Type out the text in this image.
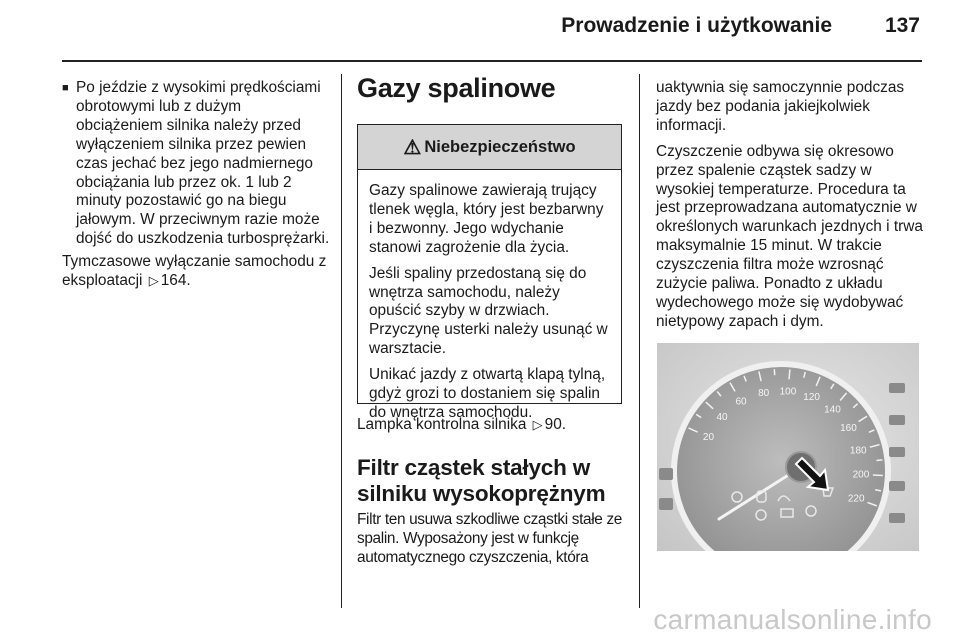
Prowadzenie i użytkowanie	137
■ Po jeździe z wysokimi prędkościami obrotowymi lub z dużym obciążeniem silnika należy przed wyłączeniem silnika przez pewien czas jechać bez jego nadmiernego obciążania lub przez ok. 1 lub 2 minuty pozostawić go na biegu jałowym. W przeciwnym razie może dojść do uszkodzenia turbosprężarki.

Tymczasowe wyłączanie samochodu z eksploatacji ▷ 164.

Gazy spalinowe
⚠ Niebezpieczeństwo

Gazy spalinowe zawierają trujący tlenek węgla, który jest bezbarwny i bezwonny. Jego wdychanie stanowi zagrożenie dla życia.

Jeśli spaliny przedostaną się do wnętrza samochodu, należy opuścić szyby w drzwiach. Przyczynę usterki należy usunąć w warsztacie.

Unikać jazdy z otwartą klapą tylną, gdyż grozi to dostaniem się spalin do wnętrza samochodu.

Lampka kontrolna silnika ▷ 90.
Filtr cząstek stałych w silniku wysokoprężnym
Filtr ten usuwa szkodliwe cząstki stałe ze spalin. Wyposażony jest w funkcję automatycznego czyszczenia, która

uaktywnia się samoczynnie podczas jazdy bez podania jakiejkolwiek informacji.

Czyszczenie odbywa się okresowo przez spalenie cząstek sadzy w wysokiej temperaturze. Procedura ta jest przeprowadzana automatycznie w określonych warunkach jezdnych i trwa maksymalnie 15 minut. W trakcie czyszczenia filtra może wzrosnąć zużycie paliwa. Ponadto z układu wydechowego może się wydobywać nietypowy zapach i dym.

20
40
60
80 100
120
140
160
180
200
220
carmanualsonline.info
